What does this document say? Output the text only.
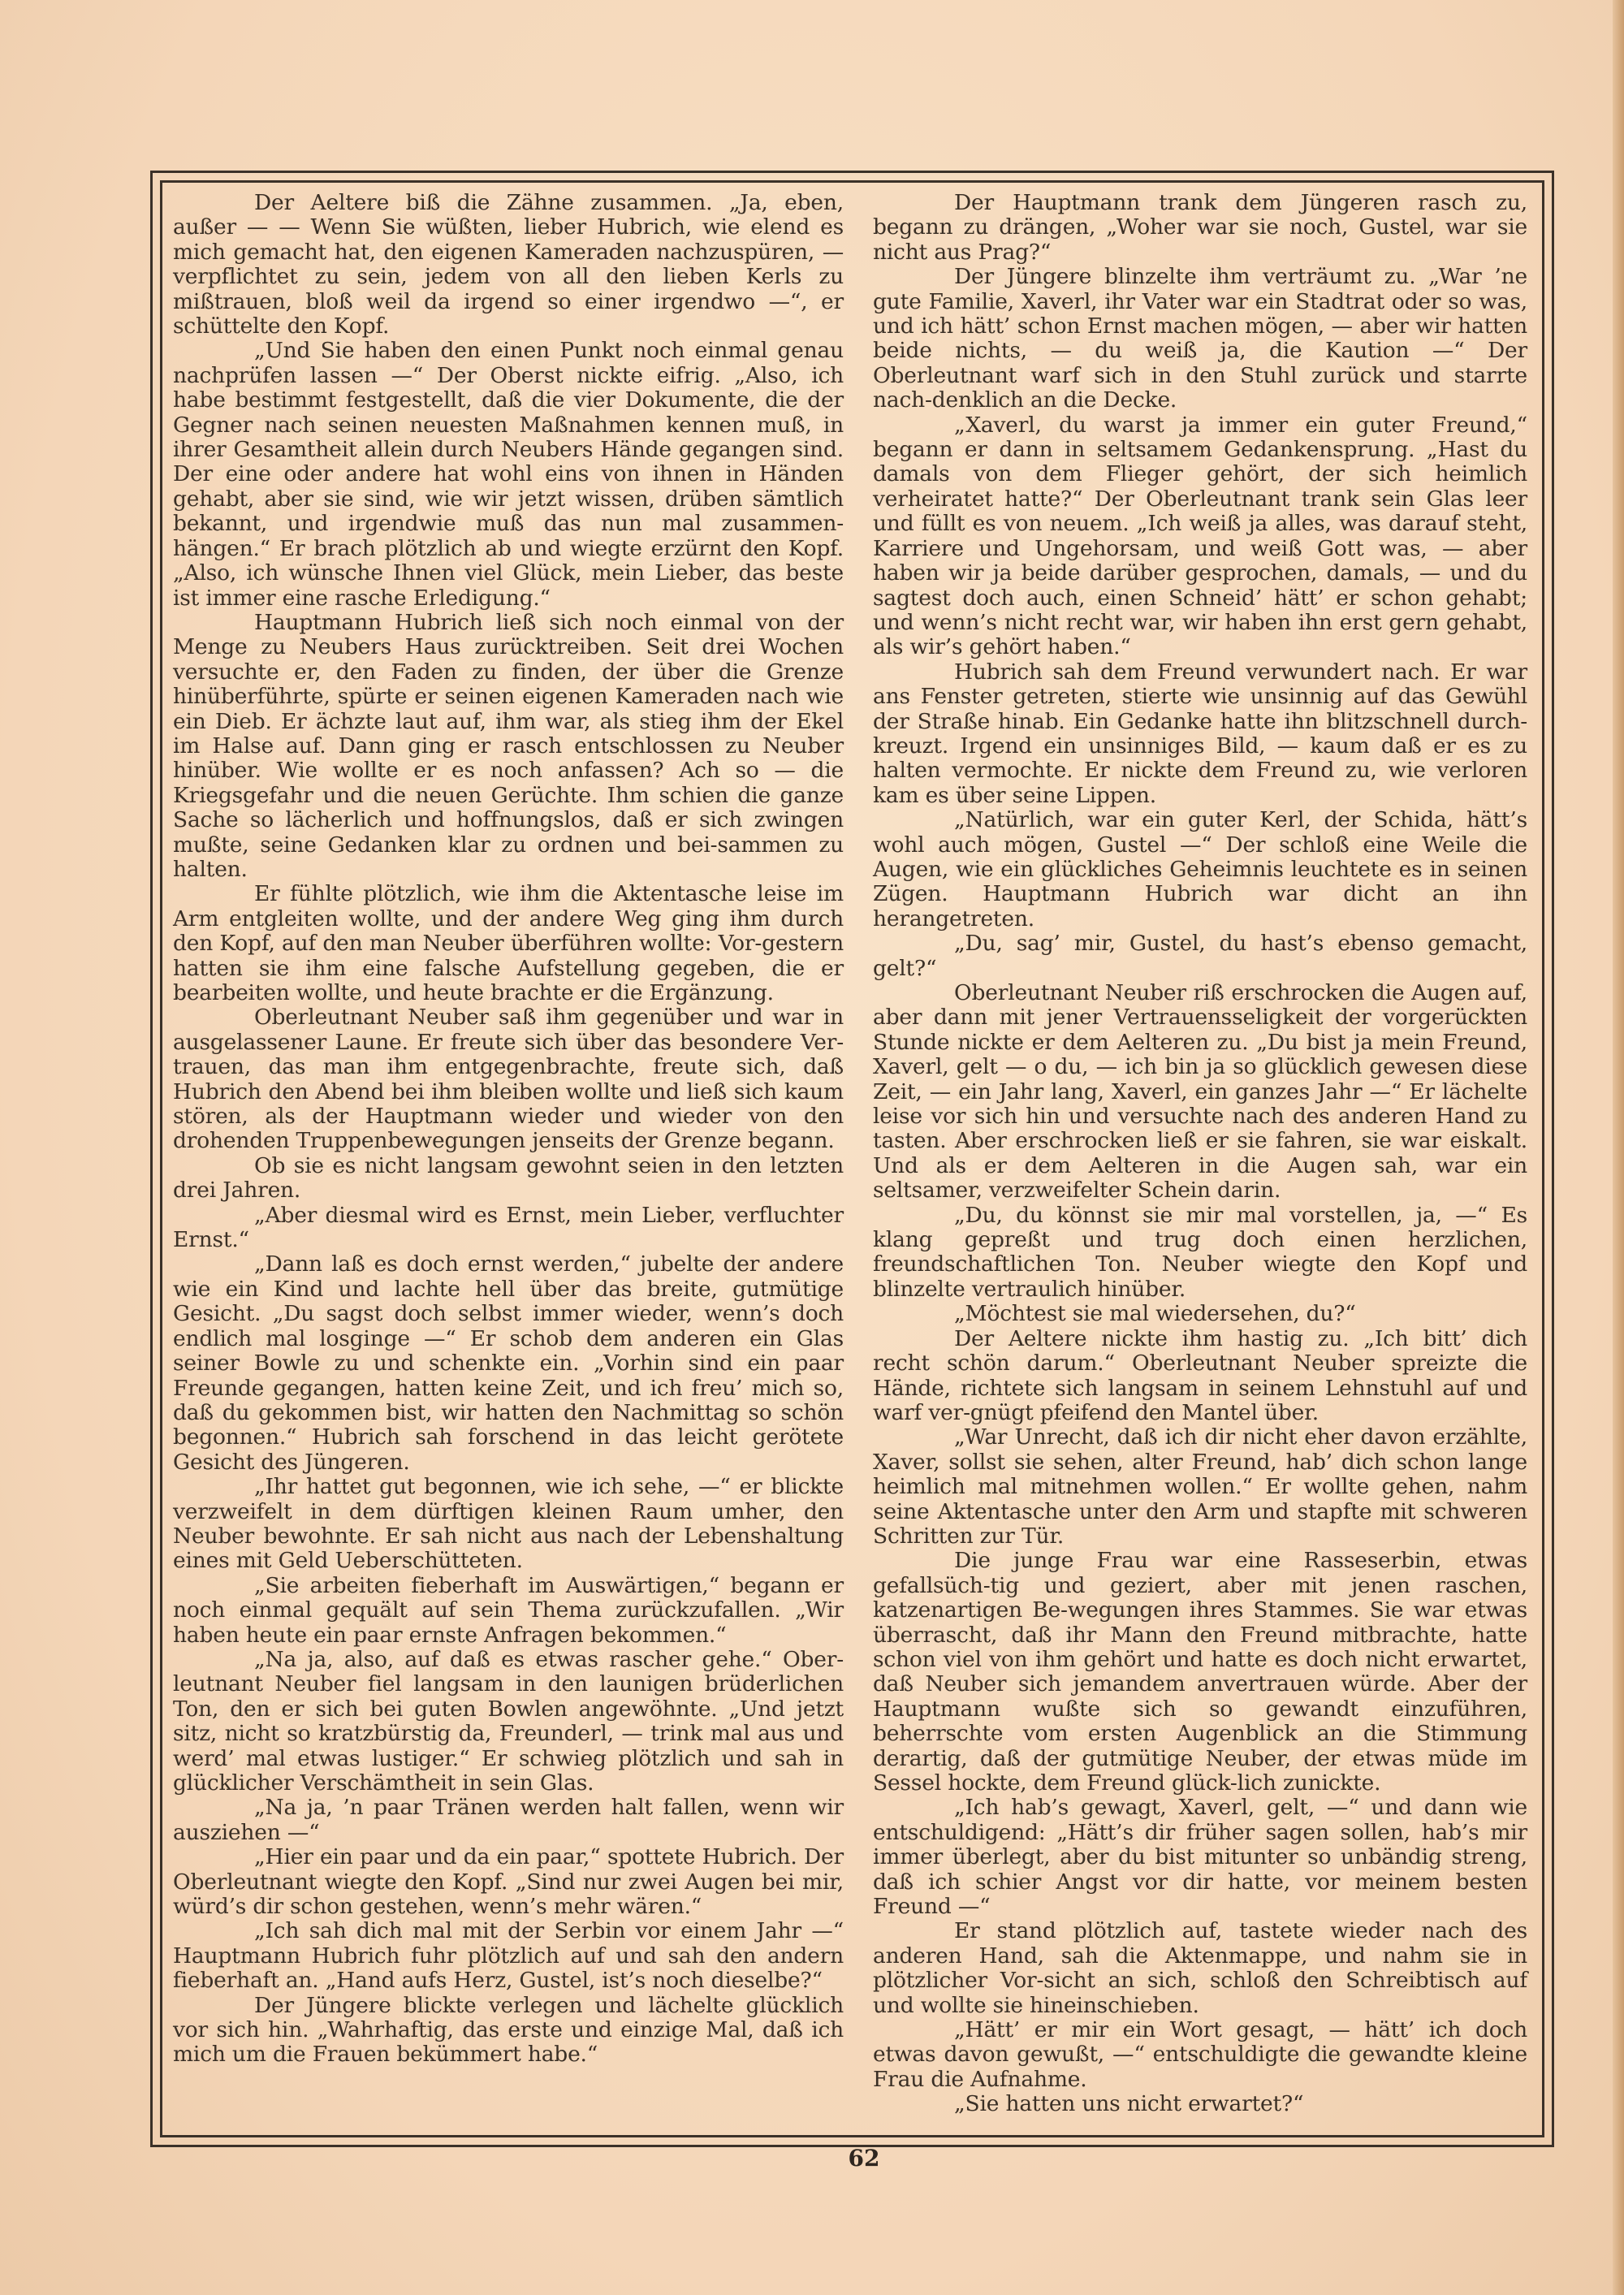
Der Aeltere biß die Zähne zusammen. „Ja, eben, außer — — Wenn Sie wüßten, lieber Hubrich, wie elend es mich gemacht hat, den eigenen Kameraden nachzuspüren, — verpflichtet zu sein, jedem von all den lieben Kerls zu mißtrauen, bloß weil da irgend so einer irgendwo —“, er schüttelte den Kopf.

„Und Sie haben den einen Punkt noch einmal genau nachprüfen lassen —“ Der Oberst nickte eifrig. „Also, ich habe bestimmt festgestellt, daß die vier Dokumente, die der Gegner nach seinen neuesten Maßnahmen kennen muß, in ihrer Gesamtheit allein durch Neubers Hände gegangen sind. Der eine oder andere hat wohl eins von ihnen in Händen gehabt, aber sie sind, wie wir jetzt wissen, drüben sämtlich bekannt, und irgendwie muß das nun mal zusammen-hängen.“ Er brach plötzlich ab und wiegte erzürnt den Kopf. „Also, ich wünsche Ihnen viel Glück, mein Lieber, das beste ist immer eine rasche Erledigung.“

Hauptmann Hubrich ließ sich noch einmal von der Menge zu Neubers Haus zurücktreiben. Seit drei Wochen versuchte er, den Faden zu finden, der über die Grenze hinüberführte, spürte er seinen eigenen Kameraden nach wie ein Dieb. Er ächzte laut auf, ihm war, als stieg ihm der Ekel im Halse auf. Dann ging er rasch entschlossen zu Neuber hinüber. Wie wollte er es noch anfassen? Ach so — die Kriegsgefahr und die neuen Gerüchte. Ihm schien die ganze Sache so lächerlich und hoffnungslos, daß er sich zwingen mußte, seine Gedanken klar zu ordnen und bei-sammen zu halten.

Er fühlte plötzlich, wie ihm die Aktentasche leise im Arm entgleiten wollte, und der andere Weg ging ihm durch den Kopf, auf den man Neuber überführen wollte: Vor-gestern hatten sie ihm eine falsche Aufstellung gegeben, die er bearbeiten wollte, und heute brachte er die Ergänzung.

Oberleutnant Neuber saß ihm gegenüber und war in ausgelassener Laune. Er freute sich über das besondere Ver-trauen, das man ihm entgegenbrachte, freute sich, daß Hubrich den Abend bei ihm bleiben wollte und ließ sich kaum stören, als der Hauptmann wieder und wieder von den drohenden Truppenbewegungen jenseits der Grenze begann.

Ob sie es nicht langsam gewohnt seien in den letzten drei Jahren.

„Aber diesmal wird es Ernst, mein Lieber, verfluchter Ernst.“

„Dann laß es doch ernst werden,“ jubelte der andere wie ein Kind und lachte hell über das breite, gutmütige Gesicht. „Du sagst doch selbst immer wieder, wenn’s doch endlich mal losginge —“ Er schob dem anderen ein Glas seiner Bowle zu und schenkte ein. „Vorhin sind ein paar Freunde gegangen, hatten keine Zeit, und ich freu’ mich so, daß du gekommen bist, wir hatten den Nachmittag so schön begonnen.“ Hubrich sah forschend in das leicht gerötete Gesicht des Jüngeren.

„Ihr hattet gut begonnen, wie ich sehe, —“ er blickte verzweifelt in dem dürftigen kleinen Raum umher, den Neuber bewohnte. Er sah nicht aus nach der Lebenshaltung eines mit Geld Ueberschütteten.

„Sie arbeiten fieberhaft im Auswärtigen,“ begann er noch einmal gequält auf sein Thema zurückzufallen. „Wir haben heute ein paar ernste Anfragen bekommen.“

„Na ja, also, auf daß es etwas rascher gehe.“ Ober-leutnant Neuber fiel langsam in den launigen brüderlichen Ton, den er sich bei guten Bowlen angewöhnte. „Und jetzt sitz, nicht so kratzbürstig da, Freunderl, — trink mal aus und werd’ mal etwas lustiger.“ Er schwieg plötzlich und sah in glücklicher Verschämtheit in sein Glas.

„Na ja, ’n paar Tränen werden halt fallen, wenn wir ausziehen —“

„Hier ein paar und da ein paar,“ spottete Hubrich. Der Oberleutnant wiegte den Kopf. „Sind nur zwei Augen bei mir, würd’s dir schon gestehen, wenn’s mehr wären.“

„Ich sah dich mal mit der Serbin vor einem Jahr —“ Hauptmann Hubrich fuhr plötzlich auf und sah den andern fieberhaft an. „Hand aufs Herz, Gustel, ist’s noch dieselbe?“

Der Jüngere blickte verlegen und lächelte glücklich vor sich hin. „Wahrhaftig, das erste und einzige Mal, daß ich mich um die Frauen bekümmert habe.“

Der Hauptmann trank dem Jüngeren rasch zu, begann zu drängen, „Woher war sie noch, Gustel, war sie nicht aus Prag?“

Der Jüngere blinzelte ihm verträumt zu. „War ’ne gute Familie, Xaverl, ihr Vater war ein Stadtrat oder so was, und ich hätt’ schon Ernst machen mögen, — aber wir hatten beide nichts, — du weiß ja, die Kaution —“ Der Oberleutnant warf sich in den Stuhl zurück und starrte nach-denklich an die Decke.

„Xaverl, du warst ja immer ein guter Freund,“ begann er dann in seltsamem Gedankensprung. „Hast du damals von dem Flieger gehört, der sich heimlich verheiratet hatte?“ Der Oberleutnant trank sein Glas leer und füllt es von neuem. „Ich weiß ja alles, was darauf steht, Karriere und Ungehorsam, und weiß Gott was, — aber haben wir ja beide darüber gesprochen, damals, — und du sagtest doch auch, einen Schneid’ hätt’ er schon gehabt; und wenn’s nicht recht war, wir haben ihn erst gern gehabt, als wir’s gehört haben.“

Hubrich sah dem Freund verwundert nach. Er war ans Fenster getreten, stierte wie unsinnig auf das Gewühl der Straße hinab. Ein Gedanke hatte ihn blitzschnell durch-kreuzt. Irgend ein unsinniges Bild, — kaum daß er es zu halten vermochte. Er nickte dem Freund zu, wie verloren kam es über seine Lippen.

„Natürlich, war ein guter Kerl, der Schida, hätt’s wohl auch mögen, Gustel —“ Der schloß eine Weile die Augen, wie ein glückliches Geheimnis leuchtete es in seinen Zügen. Hauptmann Hubrich war dicht an ihn herangetreten.

„Du, sag’ mir, Gustel, du hast’s ebenso gemacht, gelt?“

Oberleutnant Neuber riß erschrocken die Augen auf, aber dann mit jener Vertrauensseligkeit der vorgerückten Stunde nickte er dem Aelteren zu. „Du bist ja mein Freund, Xaverl, gelt — o du, — ich bin ja so glücklich gewesen diese Zeit, — ein Jahr lang, Xaverl, ein ganzes Jahr —“ Er lächelte leise vor sich hin und versuchte nach des anderen Hand zu tasten. Aber erschrocken ließ er sie fahren, sie war eiskalt. Und als er dem Aelteren in die Augen sah, war ein seltsamer, verzweifelter Schein darin.

„Du, du könnst sie mir mal vorstellen, ja, —“ Es klang gepreßt und trug doch einen herzlichen, freundschaftlichen Ton. Neuber wiegte den Kopf und blinzelte vertraulich hinüber.

„Möchtest sie mal wiedersehen, du?“

Der Aeltere nickte ihm hastig zu. „Ich bitt’ dich recht schön darum.“ Oberleutnant Neuber spreizte die Hände, richtete sich langsam in seinem Lehnstuhl auf und warf ver-gnügt pfeifend den Mantel über.

„War Unrecht, daß ich dir nicht eher davon erzählte, Xaver, sollst sie sehen, alter Freund, hab’ dich schon lange heimlich mal mitnehmen wollen.“ Er wollte gehen, nahm seine Aktentasche unter den Arm und stapfte mit schweren Schritten zur Tür.

Die junge Frau war eine Rasseserbin, etwas gefallsüch-tig und geziert, aber mit jenen raschen, katzenartigen Be-wegungen ihres Stammes. Sie war etwas überrascht, daß ihr Mann den Freund mitbrachte, hatte schon viel von ihm gehört und hatte es doch nicht erwartet, daß Neuber sich jemandem anvertrauen würde. Aber der Hauptmann wußte sich so gewandt einzuführen, beherrschte vom ersten Augenblick an die Stimmung derartig, daß der gutmütige Neuber, der etwas müde im Sessel hockte, dem Freund glück-lich zunickte.

„Ich hab’s gewagt, Xaverl, gelt, —“ und dann wie entschuldigend: „Hätt’s dir früher sagen sollen, hab’s mir immer überlegt, aber du bist mitunter so unbändig streng, daß ich schier Angst vor dir hatte, vor meinem besten Freund —“

Er stand plötzlich auf, tastete wieder nach des anderen Hand, sah die Aktenmappe, und nahm sie in plötzlicher Vor-sicht an sich, schloß den Schreibtisch auf und wollte sie hineinschieben.

„Hätt’ er mir ein Wort gesagt, — hätt’ ich doch etwas davon gewußt, —“ entschuldigte die gewandte kleine Frau die Aufnahme.

„Sie hatten uns nicht erwartet?“

62
